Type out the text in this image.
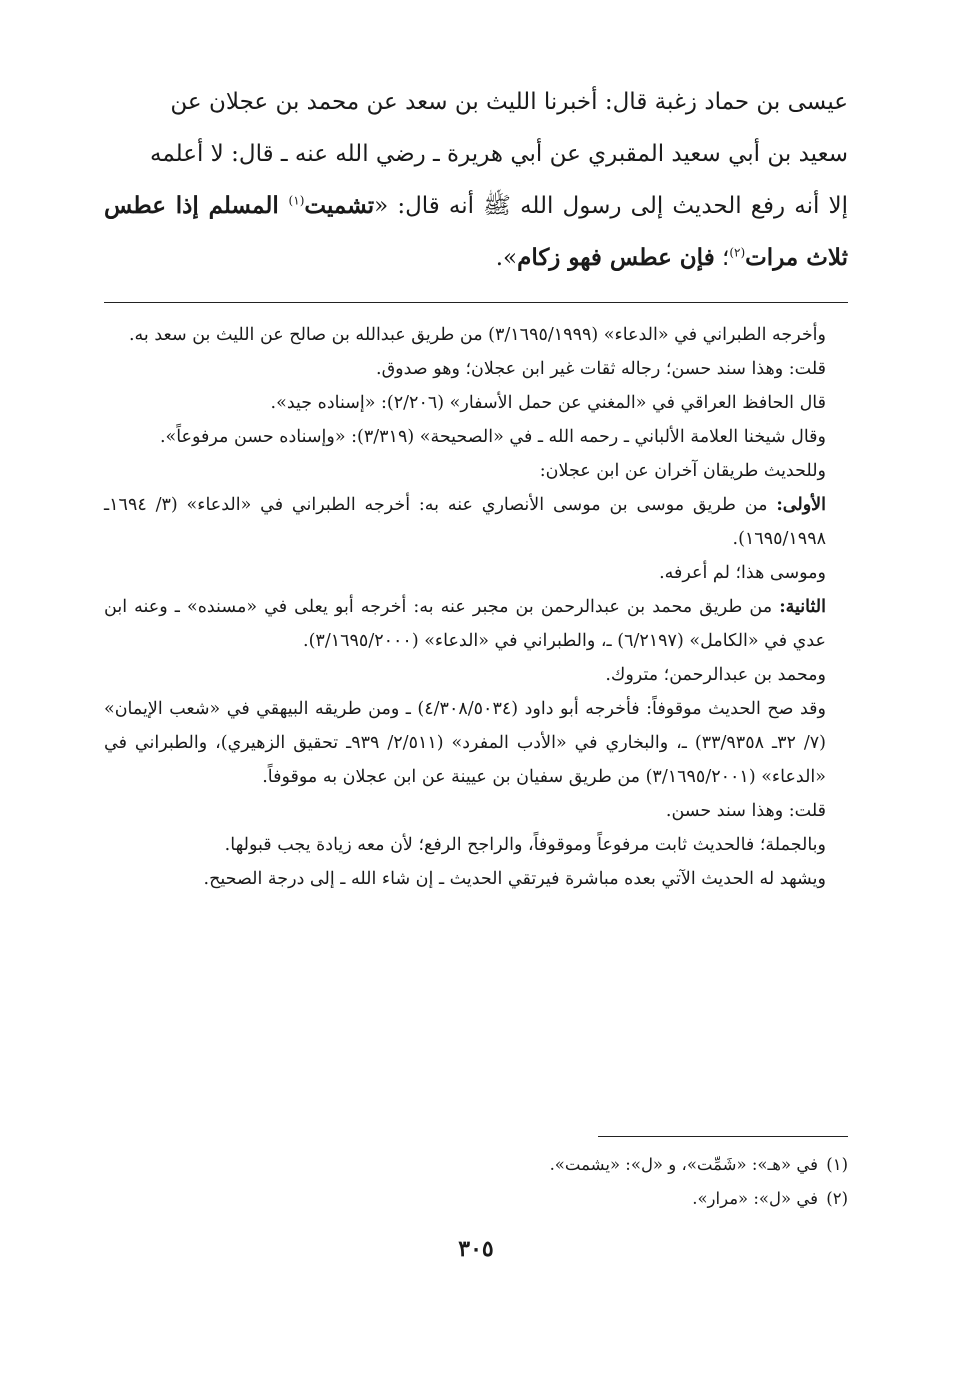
عيسى بن حماد زغبة قال: أخبرنا الليث بن سعد عن محمد بن عجلان عن

سعيد بن أبي سعيد المقبري عن أبي هريرة ـ رضي الله عنه ـ قال: لا أعلمه

إلا أنه رفع الحديث إلى رسول الله ﷺ أنه قال: «تشميت$^{(١)}$ المسلم إذا عطس ثلاث مرات$^{(٢)}$؛ فإن عطس فهو زكام».

وأخرجه الطبراني في «الدعاء» (٣/١٦٩٥/١٩٩٩) من طريق عبدالله بن صالح عن الليث بن سعد به.

قلت: وهذا سند حسن؛ رجاله ثقات غير ابن عجلان؛ وهو صدوق.

قال الحافظ العراقي في «المغني عن حمل الأسفار» (٢/٢٠٦): «إسناده جيد».

وقال شيخنا العلامة الألباني ـ رحمه الله ـ في «الصحيحة» (٣/٣١٩): «وإسناده حسن مرفوعاً».

وللحديث طريقان آخران عن ابن عجلان:

الأولى: من طريق موسى بن موسى الأنصاري عنه به: أخرجه الطبراني في «الدعاء» (٣/ ١٦٩٤ـ ١٦٩٥/١٩٩٨).

وموسى هذا؛ لم أعرفه.

الثانية: من طريق محمد بن عبدالرحمن بن مجبر عنه به: أخرجه أبو يعلى في «مسنده» ـ وعنه ابن عدي في «الكامل» (٦/٢١٩٧) ـ، والطبراني في «الدعاء» (٣/١٦٩٥/٢٠٠٠).

ومحمد بن عبدالرحمن؛ متروك.

وقد صح الحديث موقوفاً: فأخرجه أبو داود (٤/٣٠٨/٥٠٣٤) ـ ومن طريقه البيهقي في «شعب الإيمان» (٧/ ٣٢ـ ٣٣/٩٣٥٨) ـ، والبخاري في «الأدب المفرد» (٢/٥١١/ ٩٣٩ـ تحقيق الزهيري)، والطبراني في «الدعاء» (٣/١٦٩٥/٢٠٠١) من طريق سفيان بن عيينة عن ابن عجلان به موقوفاً.

قلت: وهذا سند حسن.

وبالجملة؛ فالحديث ثابت مرفوعاً وموقوفاً، والراجح الرفع؛ لأن معه زيادة يجب قبولها.

ويشهد له الحديث الآتي بعده مباشرة فيرتقي الحديث ـ إن شاء الله ـ إلى درجة الصحيح.

(١)في «هـ»: «شَمِّت»، و «ل»: «يشمت».

(٢)في «ل»: «مرار».

٣٠٥
